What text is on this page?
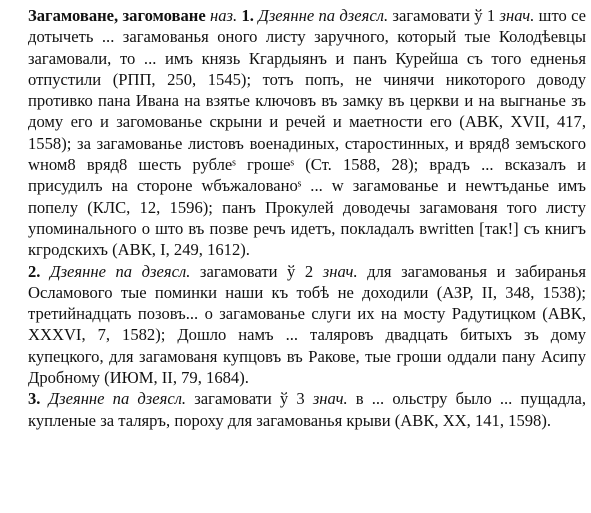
Загамоване, загомоване наз. 1. Дзеянне па дзеясл. загамовати ў 1 знач. што се дотычеть ... загамованья оного листу заручного, который тые Колодѣевцы загамовали, то ... имъ князь Кгардыянъ и панъ Курейша съ того едненья отпустили (РПП, 250, 1545); тотъ попъ, не чинячи никоторого доводу противко пана Ивана на взятье ключовъ въ замку въ церкви и на выгнанье зъ дому его и загомованье скрыни и речей и маетности его (АВК, XVII, 417, 1558); за загамованье листовъ военадиных, старостинных, и вряд8 земъского wном8 вряд8 шесть рублеˢ грошеˢ (Ст. 1588, 28); врадъ ... всказалъ и присудилъ на стороне wбъжалованоˢ ... w загамованье и неwтъданье имъ попелу (КЛС, 12, 1596); панъ Прокулей доводечы загамованя того листу упоминального о што въ позве речъ идетъ, покладалъ вwritten [так!] съ книгъ кгродскихъ (АВК, I, 249, 1612).
2. Дзеянне па дзеясл. загамовати ў 2 знач. для загамованья и забиранья Осламового тые поминки наши къ тобѣ не доходили (АЗР, II, 348, 1538); третийнадцать позовъ... о загамованье слуги их на мосту Радутицком (АВК, XXXVI, 7, 1582); Дошло намъ ... таляровъ двадцать битыхъ зъ дому купецкого, для загамованя купцовъ въ Ракове, тые гроши оддали пану Асипу Дробному (ИЮМ, II, 79, 1684).
3. Дзеянне па дзеясл. загамовати ў 3 знач. в ... ольстру было ... пущадла, купленые за таляръ, пороху для загамованья крыви (АВК, XX, 141, 1598).
